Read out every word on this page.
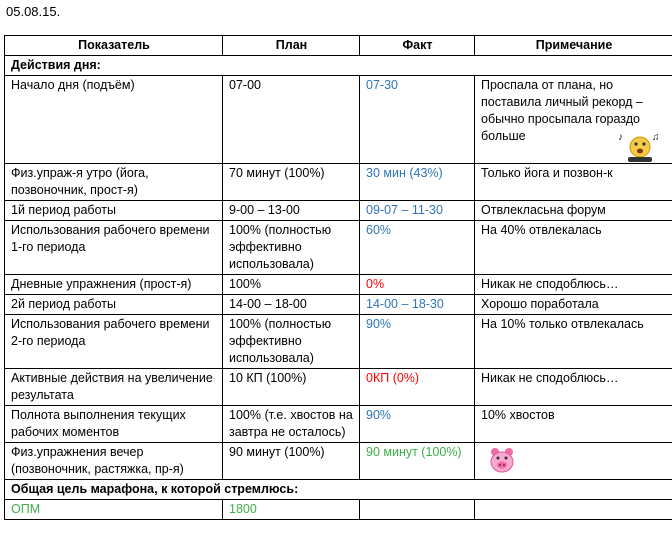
05.08.15.
Показатель	План	Факт	Примечание
Действия дня:			
Начало дня (подъём)	07-00	07-30	Проспала от плана, но поставила личный рекорд – обычно просыпала гораздо больше ♪ ♫

Физ.упраж-я утро (йога, позвоночник, прост-я)	70 минут (100%)	30 мин (43%)	Только йога и позвон-к
1й период работы	9-00 – 13-00	09-07 – 11-30	Отвлекласьна форум
Использования рабочего времени 1-го периода	100% (полностью эффективно использовала)	60%	На 40% отвлекалась
Дневные упражнения (прост-я)	100%	0%	Никак не сподоблюсь…
2й период работы	14-00 – 18-00	14-00 – 18-30	Хорошо поработала
Использования рабочего времени 2-го периода	100% (полностью эффективно использовала)	90%	На 10% только отвлекалась
Активные действия на увеличение результата	10 КП (100%)	0КП (0%)	Никак не сподоблюсь…
Полнота выполнения текущих рабочих моментов	100% (т.е. хвостов на завтра не осталось)	90%	10% хвостов
Физ.упражнения вечер (позвоночник, растяжка, пр-я)	90 минут (100%)	90 минут (100%)	
Общая цель марафона, к которой стремлюсь:			
ОПМ	1800		
